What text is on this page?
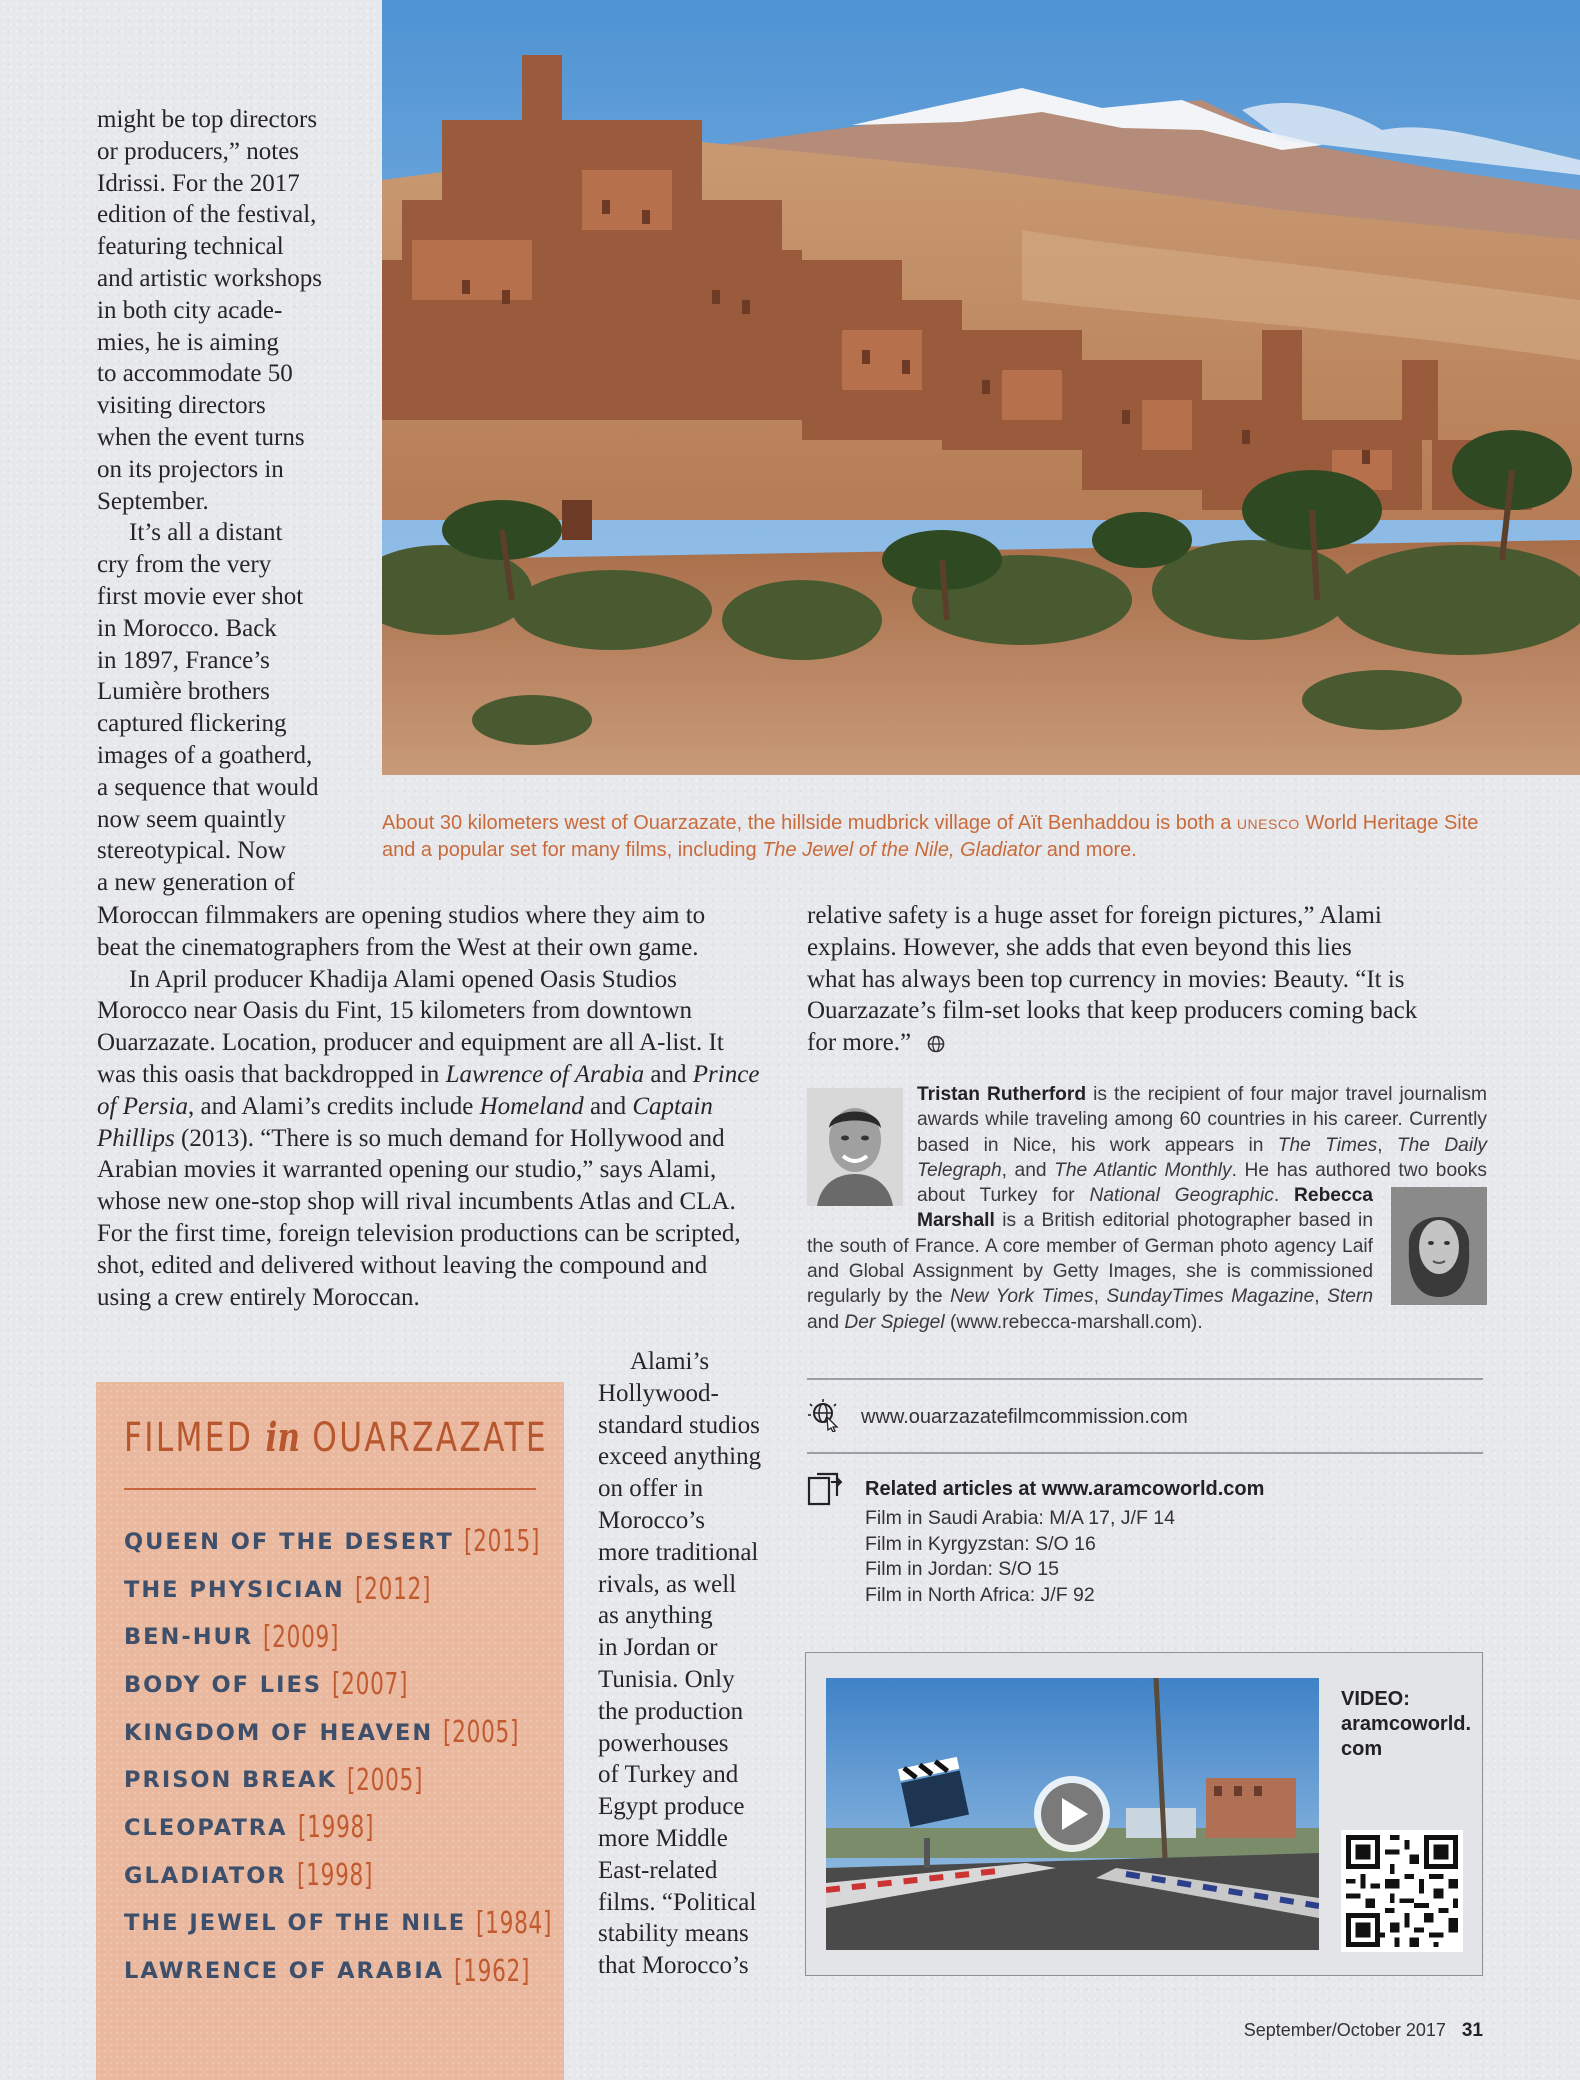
might be top directors
or producers,” notes
Idrissi. For the 2017
edition of the festival,
featuring technical
and artistic workshops
in both city acade-
mies, he is aiming
to accommodate 50
visiting directors
when the event turns
on its projectors in
September.
It’s all a distant
cry from the very
first movie ever shot
in Morocco. Back
in 1897, France’s
Lumière brothers
captured flickering
images of a goatherd,
a sequence that would
now seem quaintly
stereotypical. Now
a new generation of
About 30 kilometers west of Ouarzazate, the hillside mudbrick village of Aït Benhaddou is both a UNESCO World Heritage Site and a popular set for many films, including The Jewel of the Nile, Gladiator and more.
Moroccan filmmakers are opening studios where they aim to
beat the cinematographers from the West at their own game.

In April producer Khadija Alami opened Oasis Studios Morocco near Oasis du Fint, 15 kilometers from downtown Ouarzazate. Location, producer and equipment are all A-list. It was this oasis that backdropped in Lawrence of Arabia and Prince of Persia, and Alami’s credits include Homeland and Captain Phillips (2013). “There is so much demand for Hollywood and Arabian movies it warranted opening our studio,” says Alami, whose new one-stop shop will rival incumbents Atlas and CLA. For the first time, foreign television productions can be scripted, shot, edited and delivered without leaving the compound and using a crew entirely Moroccan.

Alami’s
Hollywood-
standard studios
exceed anything
on offer in
Morocco’s
more traditional
rivals, as well
as anything
in Jordan or
Tunisia. Only
the production
powerhouses
of Turkey and
Egypt produce
more Middle
East-related
films. “Political
stability means
that Morocco’s
relative safety is a huge asset for foreign pictures,” Alami
explains. However, she adds that even beyond this lies
what has always been top currency in movies: Beauty. “It is
Ouarzazate’s film-set looks that keep producers coming back
for more.”
FILMED in OUARZAZATE
QUEEN OF THE DESERT [2015]
THE PHYSICIAN [2012]
BEN-HUR [2009]
BODY OF LIES [2007]
KINGDOM OF HEAVEN [2005]
PRISON BREAK [2005]
CLEOPATRA [1998]
GLADIATOR [1998]
THE JEWEL OF THE NILE [1984]
LAWRENCE OF ARABIA [1962]
Tristan Rutherford is the recipient of four major travel journalism awards while traveling among 60 countries in his career. Currently based in Nice, his work appears in The Times, The Daily Telegraph, and The Atlantic Monthly. He has authored two books about Turkey for National Geographic.
Rebecca Marshall is a British editorial photographer based in the south of France. A core member of German photo agency Laif and Global Assignment by Getty Images, she is commissioned regularly by the New York Times, SundayTimes Magazine, Stern and Der Spiegel (www.rebecca-marshall.com).
www.ouarzazatefilmcommission.com
Related articles at www.aramcoworld.com
Film in Saudi Arabia: M/A 17, J/F 14
Film in Kyrgyzstan: S/O 16
Film in Jordan: S/O 15
Film in North Africa: J/F 92
VIDEO:
aramcoworld.
com
September/October 2017 31
